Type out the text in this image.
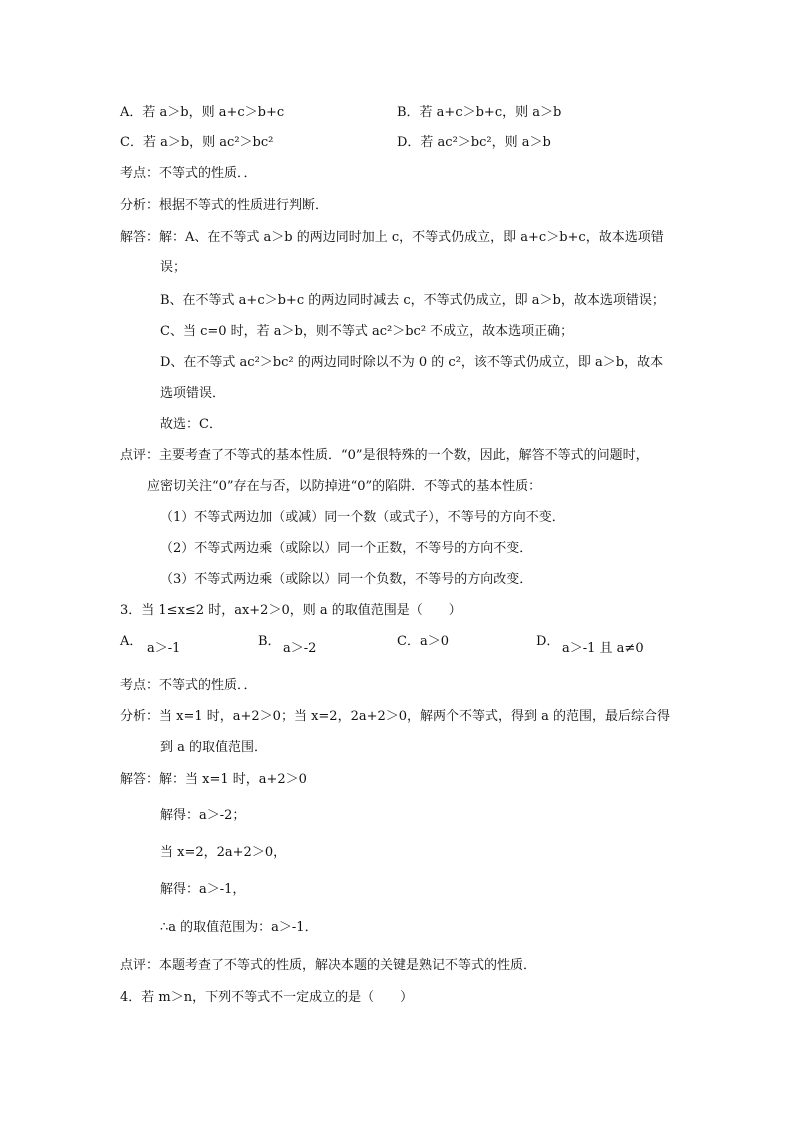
A．若 a＞b，则 a+c＞b+c	B．若 a+c＞b+c，则 a＞b
C．若 a＞b，则 ac²＞bc²	D．若 ac²＞bc²，则 a＞b
考点：不等式的性质．．
分析：根据不等式的性质进行判断．
解答：解：A、在不等式 a＞b 的两边同时加上 c，不等式仍成立，即 a+c＞b+c，故本选项错
误；
B、在不等式 a+c＞b+c 的两边同时减去 c，不等式仍成立，即 a＞b，故本选项错误；
C、当 c=0 时，若 a＞b，则不等式 ac²＞bc² 不成立，故本选项正确；
D、在不等式 ac²＞bc² 的两边同时除以不为 0 的 c²，该不等式仍成立，即 a＞b，故本
选项错误．
故选：C．
点评：主要考查了不等式的基本性质．“0”是很特殊的一个数，因此，解答不等式的问题时，
应密切关注“0”存在与否，以防掉进“0”的陷阱．不等式的基本性质：
（1）不等式两边加（或减）同一个数（或式子），不等号的方向不变．
（2）不等式两边乘（或除以）同一个正数，不等号的方向不变．
（3）不等式两边乘（或除以）同一个负数，不等号的方向改变．
3．当 1≤x≤2 时，ax+2＞0，则 a 的取值范围是（　　）
A． a＞-1	B． a＞-2	C． a＞0	D． a＞-1 且 a≠0
考点：不等式的性质．．
分析：当 x=1 时，a+2＞0；当 x=2，2a+2＞0，解两个不等式，得到 a 的范围，最后综合得
到 a 的取值范围．
解答：解：当 x=1 时，a+2＞0
解得：a＞-2；
当 x=2，2a+2＞0，
解得：a＞-1，
∴a 的取值范围为：a＞-1．
点评：本题考查了不等式的性质，解决本题的关键是熟记不等式的性质．
4．若 m＞n，下列不等式不一定成立的是（　　）
